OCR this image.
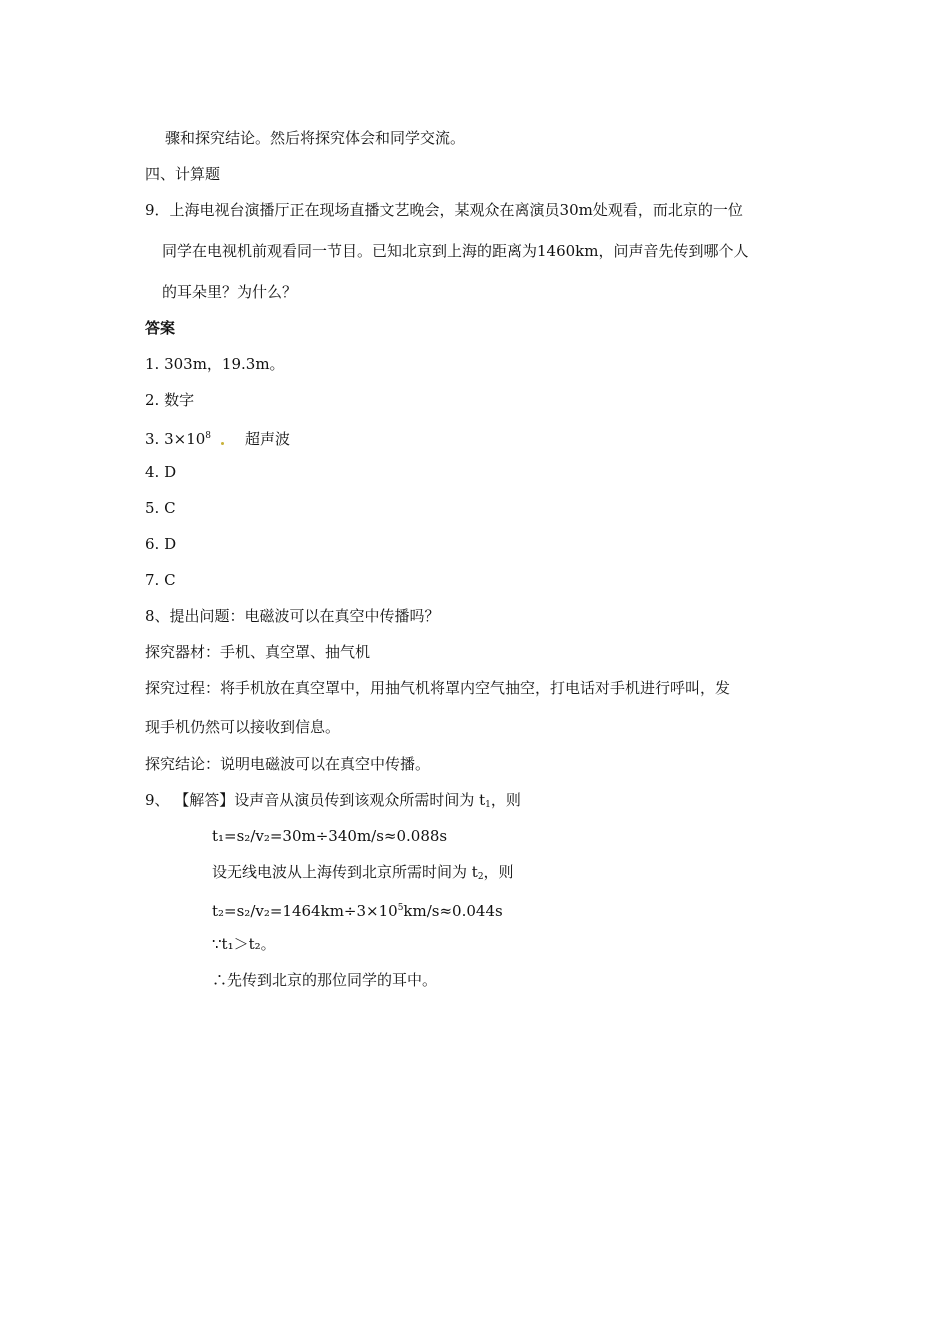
骤和探究结论。然后将探究体会和同学交流。
四、计算题
9．上海电视台演播厅正在现场直播文艺晚会，某观众在离演员30m处观看，而北京的一位
同学在电视机前观看同一节目。已知北京到上海的距离为1460km，问声音先传到哪个人
的耳朵里？为什么？
答案
1. 303m，19.3m。
2. 数字
3. $3\times 10^8$ 超声波
4. D
5. C
6. D
7. C
8、提出问题：电磁波可以在真空中传播吗？
探究器材：手机、真空罩、抽气机
探究过程：将手机放在真空罩中，用抽气机将罩内空气抽空，打电话对手机进行呼叫，发
现手机仍然可以接收到信息。
探究结论：说明电磁波可以在真空中传播。
9、 【解答】设声音从演员传到该观众所需时间为 $t_1$，则
t₁=s₂/v₂=30m÷340m/s≈0.088s
设无线电波从上海传到北京所需时间为 $t_2$，则
$t_2=s_2/v_2=1464km\div 3\times 10^5km/s\approx 0.044s$
∵t₁＞t₂。
∴先传到北京的那位同学的耳中。
